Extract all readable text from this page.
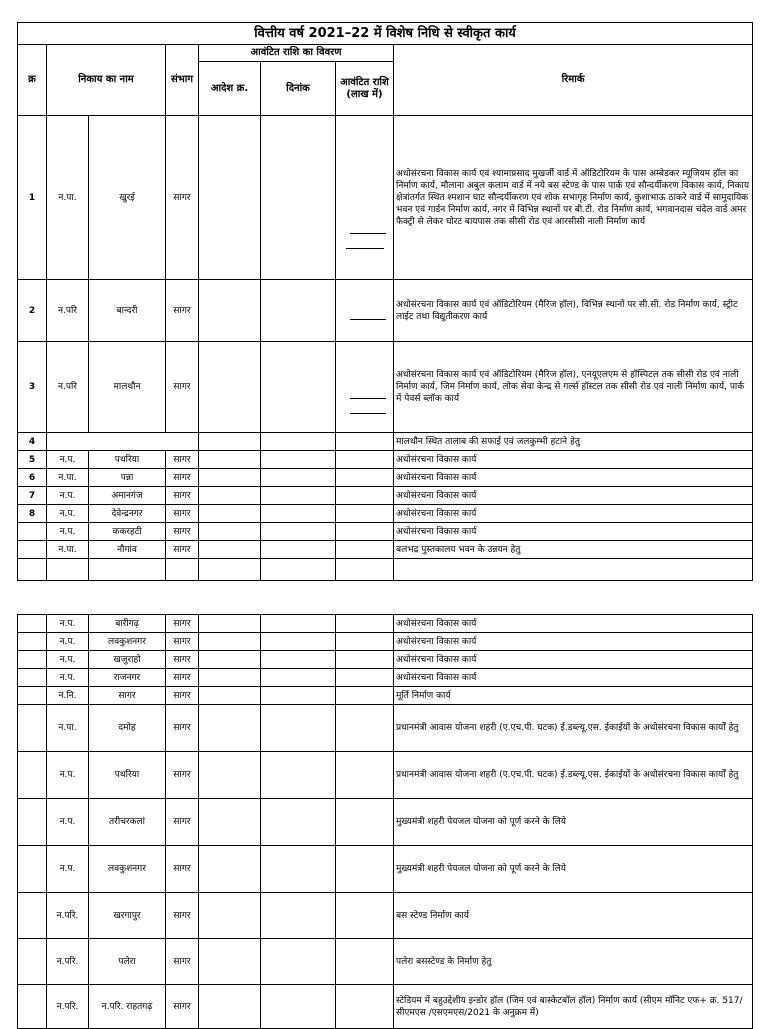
वित्तीय वर्ष 2021–22 में विशेष निधि से स्वीकृत कार्य							
क्र	निकाय का नाम		संभाग	आवंटित राशि का विवरण			रिमार्क
				आदेश क्र.	दिनांक	आवंटित राशि (लाख में)	
1	न.पा.	खुरई	सागर				अधोसंरचना विकास कार्य एवं श्यामाप्रसाद मुखर्जी वार्ड में ऑडिटोरियम के पास अम्बेडकर म्यूजियम हॉल का निर्माण कार्य, मौलाना अबुल कलाम वार्ड में नये बस स्टेण्ड के पास पार्क एवं सौन्दर्यीकरण विकास कार्य, निकाय क्षेत्रांतर्गत स्थित श्मशान घाट सौन्दर्यीकरण एवं शोक सभागृह निर्माण कार्य, कुशाभाऊ ठाकरे वार्ड में सामुदायिक भवन एवं गार्डन निर्माण कार्य, नगर में विभिन्न स्थानों पर बी.टी. रोड निर्माण कार्य, भगवानदास चंदेल वार्ड अमर फैक्ट्री से लेकर घोरट बायपास तक सीसी रोड एवं आरसीसी नाली निर्माण कार्य
2	न.परि	बान्दरी	सागर				अधोसंरचना विकास कार्य एवं ऑडिटोरियम (मैरिज हॉल), विभिन्न स्थानों पर सी.सी. रोड निर्माण कार्य, स्ट्रीट लाईट तथा विद्युतीकरण कार्य
3	न.परि	मालथौन	सागर				अधोसंरचना विकास कार्य एवं ऑडिटोरियम (मैरिज हॉल), एनयूएलएम से हॉस्पिटल तक सीसी रोड एवं नाली निर्माण कार्य, जिम निर्माण कार्य, लोक सेवा केन्द्र से गर्ल्स हॉस्टल तक सीसी रोड एवं नाली निर्माण कार्य, पार्क में पेवर्स ब्लॉक कार्य
4							मालथौन स्थित तालाब की सफाई एवं जलकुम्भी हटाने हेतु
5	न.प.	पथरिया	सागर				अधोसंरचना विकास कार्य
6	न.पा.	पन्ना	सागर				अधोसंरचना विकास कार्य
7	न.प.	अमानगंज	सागर				अधोसंरचना विकास कार्य
8	न.प.	देवेन्द्रनगर	सागर				अधोसंरचना विकास कार्य
	न.प.	ककरहटी	सागर				अधोसंरचना विकास कार्य
	न.पा.	नौगांव	सागर				बलभद्र पुस्तकालय भवन के उन्नयन हेतु

	न.प.	बारीगढ़	सागर				अधोसंरचना विकास कार्य
	न.प.	लवकुशनगर	सागर				अधोसंरचना विकास कार्य
	न.प.	खजुराहो	सागर				अधोसंरचना विकास कार्य
	न.प.	राजनगर	सागर				अधोसंरचना विकास कार्य
	न.नि.	सागर	सागर				मूर्ति निर्माण कार्य
	न.पा.	दमोह	सागर				प्रधानमंत्री आवास योजना शहरी (ए.एच.पी. घटक) ई.डब्ल्यू.एस. ईकाईयों के अधोसंरचना विकास कार्यों हेतु
	न.प.	पथरिया	सागर				प्रधानमंत्री आवास योजना शहरी (ए.एच.पी. घटक) ई.डब्ल्यू.एस. ईकाईयों के अधोसंरचना विकास कार्यों हेतु
	न.प.	तरीचरकलां	सागर				मुख्यमंत्री शहरी पेयजल योजना को पूर्ण करने के लिये
	न.प.	लवकुशनगर	सागर				मुख्यमंत्री शहरी पेयजल योजना को पूर्ण करने के लिये
	न.परि.	खरगापुर	सागर				बस स्टेण्ड निर्माण कार्य
	न.परि.	पलेरा	सागर				पलेरा बसस्टेण्ड के निर्माण हेतु
	न.परि.	न.परि. राहतगढ़	सागर				स्टेडियम में बहुउद्देशीय इन्डोर हॉल (जिम एवं बास्केटबॉल हॉल) निर्माण कार्य (सीएम मॉनिट एफ+ क्र. 517/सीएमएस /एसएमएस/2021 के अनुक्रम में)
